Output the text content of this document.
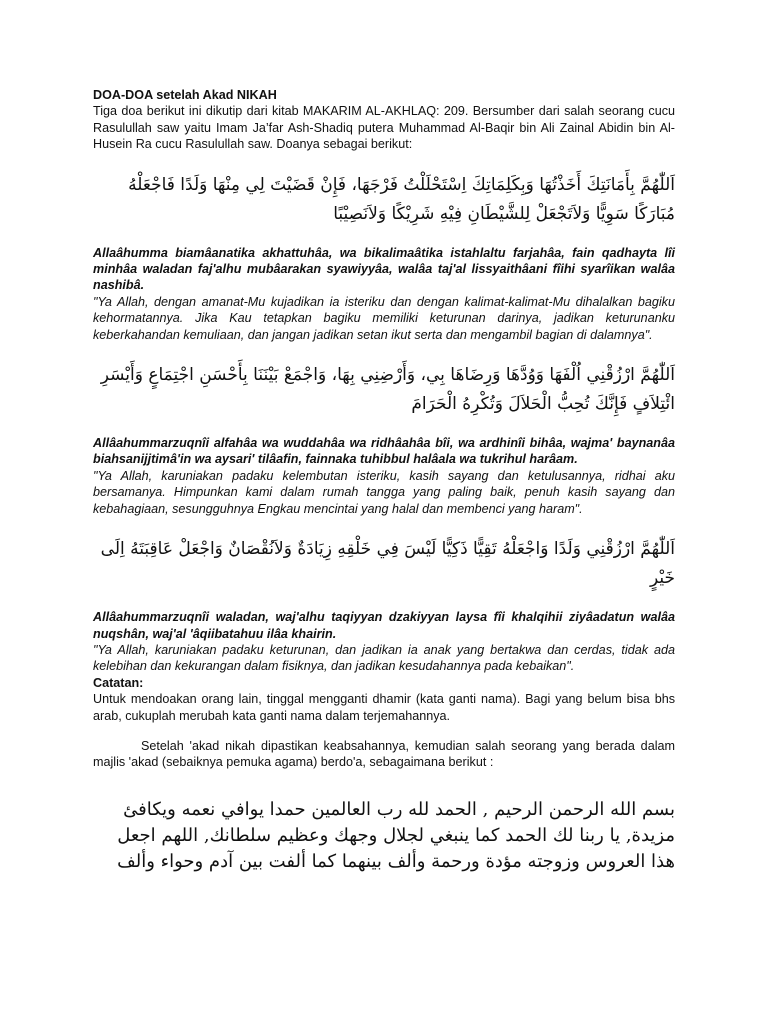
DOA-DOA setelah Akad NIKAH

Tiga doa berikut ini dikutip dari kitab MAKARIM AL-AKHLAQ: 209. Bersumber dari salah seorang cucu Rasulullah saw yaitu Imam Ja’far Ash-Shadiq putera Muhammad Al-Baqir bin Ali Zainal Abidin bin Al-Husein Ra cucu Rasulullah saw. Doanya sebagai berikut:

اَللّٰهُمَّ بِأَمَانَتِكَ أَخَذْتُهَا وَبِكَلِمَاتِكَ اِسْتَحْلَلْتُ فَرْجَهَا، فَإِنْ قَضَيْتَ لِي مِنْهَا وَلَدًا فَاجْعَلْهُ مُبَارَكًا سَوِيًّا وَلاَتَجْعَلْ لِلشَّيْطَانِ فِيْهِ شَرِيْكًا وَلاَنَصِيْبًا

Allaâhumma biamâanatika akhattuhâa, wa bikalimaâtika istahlaltu farjahâa, fain qadhayta lîi minhâa waladan faj'alhu mubâarakan syawiyyâa, walâa taj'al lissyaithâani fîihi syarîikan walâa nashibâ.

"Ya Allah, dengan amanat-Mu kujadikan ia isteriku dan dengan kalimat-kalimat-Mu dihalalkan bagiku kehormatannya. Jika Kau tetapkan bagiku memiliki keturunan darinya, jadikan keturunanku keberkahandan kemuliaan, dan jangan jadikan setan ikut serta dan mengambil bagian di dalamnya".

اَللّٰهُمَّ ارْزُقْنِي اُلْفَهَا وَوُدَّهَا وَرِضَاهَا بِي، وَأَرْضِنِي بِهَا، وَاجْمَعْ بَيْنَنَا بِأَحْسَنِ اجْتِمَاعٍ وَأَيْسَرِ ائْتِلاَفٍ فَإِنَّكَ تُحِبُّ الْحَلاَلَ وَتُكْرِهُ الْحَرَامَ

Allâahummarzuqnîi alfahâa wa wuddahâa wa ridhâahâa bîi, wa ardhinîi bihâa, wajma' baynanâa biahsanijjtimâ'in wa aysari' tilâafin, fainnaka tuhibbul halâala wa tukrihul harâam.

"Ya Allah, karuniakan padaku kelembutan isteriku, kasih sayang dan ketulusannya, ridhai aku bersamanya. Himpunkan kami dalam rumah tangga yang paling baik, penuh kasih sayang dan kebahagiaan, sesungguhnya Engkau mencintai yang halal dan membenci yang haram".

اَللّٰهُمَّ ارْزُقْنِي وَلَدًا وَاجْعَلْهُ تَقِيًّا ذَكِيًّا لَيْسَ فِي خَلْقِهِ زِيَادَةٌ وَلاَنُقْصَانٌ وَاجْعَلْ عَاقِبَتَهُ اِلَى خَيْرٍ

Allâahummarzuqnîi waladan, waj'alhu taqiyyan dzakiyyan laysa fîi khalqihii ziyâadatun walâa nuqshân, waj'al 'âqiibatahuu ilâa khairin.

"Ya Allah, karuniakan padaku keturunan, dan jadikan ia anak yang bertakwa dan cerdas, tidak ada kelebihan dan kekurangan dalam fisiknya, dan jadikan kesudahannya pada kebaikan".

Catatan:

Untuk mendoakan orang lain, tinggal mengganti dhamir (kata ganti nama). Bagi yang belum bisa bhs arab, cukuplah merubah kata ganti nama dalam terjemahannya.

Setelah 'akad nikah dipastikan keabsahannya, kemudian salah seorang yang berada dalam majlis 'akad (sebaiknya pemuka agama) berdo'a, sebagaimana berikut :

بسم الله الرحمن الرحيم , الحمد لله رب العالمين حمدا يوافي نعمه ويكافئ مزيدة, يا ربنا لك الحمد كما ينبغي لجلال وجهك وعظيم سلطانك, اللهم اجعل هذا العروس وزوجته مؤدة ورحمة وألف بينهما كما ألفت بين آدم وحواء وألف
